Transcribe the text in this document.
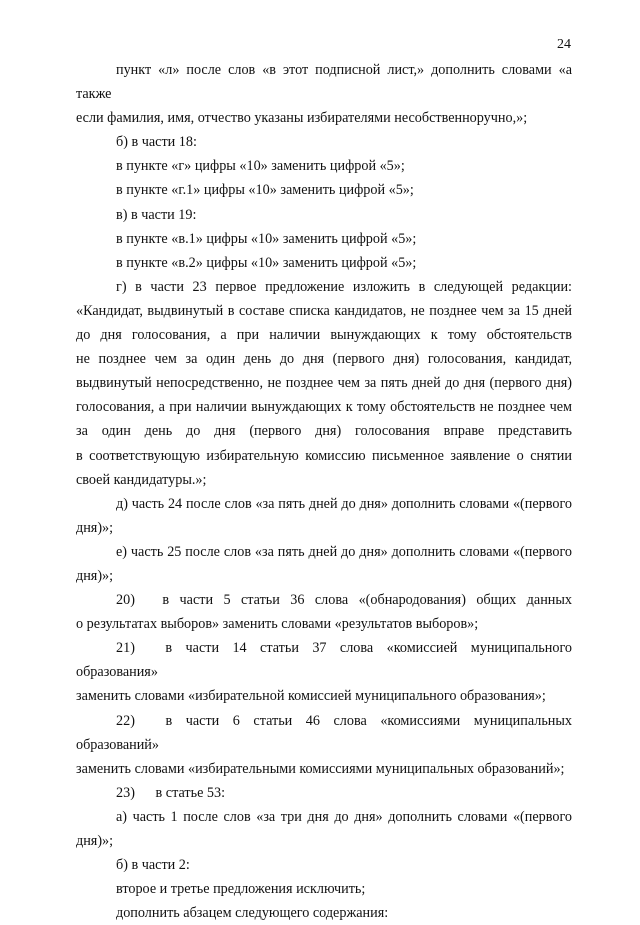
24

пункт «л» после слов «в этот подписной лист,» дополнить словами «а также

если фамилия, имя, отчество указаны избирателями несобственноручно,»;

б) в части 18:

в пункте «г» цифры «10» заменить цифрой «5»;

в пункте «г.1» цифры «10» заменить цифрой «5»;

в) в части 19:

в пункте «в.1» цифры «10» заменить цифрой «5»;

в пункте «в.2» цифры «10» заменить цифрой «5»;

г) в части 23 первое предложение изложить в следующей редакции:

«Кандидат, выдвинутый в составе списка кандидатов, не позднее чем за 15 дней

до дня голосования, а при наличии вынуждающих к тому обстоятельств

не позднее чем за один день до дня (первого дня) голосования, кандидат,

выдвинутый непосредственно, не позднее чем за пять дней до дня (первого дня)

голосования, а при наличии вынуждающих к тому обстоятельств не позднее чем

за один день до дня (первого дня) голосования вправе представить

в соответствующую избирательную комиссию письменное заявление о снятии

своей кандидатуры.»;

д) часть 24 после слов «за пять дней до дня» дополнить словами «(первого

дня)»;

е) часть 25 после слов «за пять дней до дня» дополнить словами «(первого

дня)»;

20) в части 5 статьи 36 слова «(обнародования) общих данных

о результатах выборов» заменить словами «результатов выборов»;

21) в части 14 статьи 37 слова «комиссией муниципального образования»

заменить словами «избирательной комиссией муниципального образования»;

22) в части 6 статьи 46 слова «комиссиями муниципальных образований»

заменить словами «избирательными комиссиями муниципальных образований»;

23) в статье 53:

а) часть 1 после слов «за три дня до дня» дополнить словами «(первого

дня)»;

б) в части 2:

второе и третье предложения исключить;

дополнить абзацем следующего содержания:
